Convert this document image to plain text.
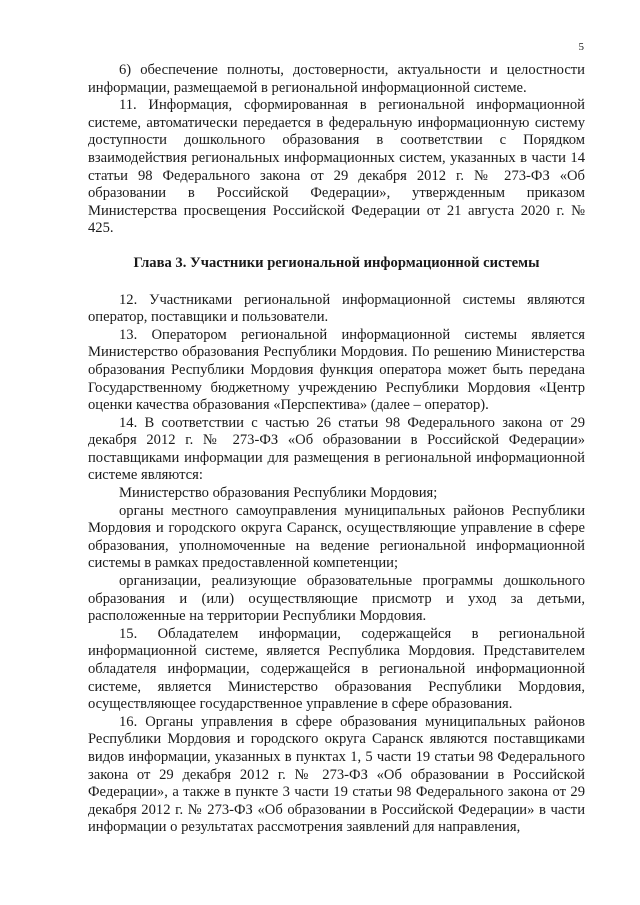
5

6) обеспечение полноты, достоверности, актуальности и целостности информации, размещаемой в региональной информационной системе.

11. Информация, сформированная в региональной информационной системе, автоматически передается в федеральную информационную систему доступности дошкольного образования в соответствии с Порядком взаимодействия региональных информационных систем, указанных в части 14 статьи 98 Федерального закона от 29 декабря 2012 г. № 273-ФЗ «Об образовании в Российской Федерации», утвержденным приказом Министерства просвещения Российской Федерации от 21 августа 2020 г. № 425.

Глава 3. Участники региональной информационной системы

12. Участниками региональной информационной системы являются оператор, поставщики и пользователи.

13. Оператором региональной информационной системы является Министерство образования Республики Мордовия. По решению Министерства образования Республики Мордовия функция оператора может быть передана Государственному бюджетному учреждению Республики Мордовия «Центр оценки качества образования «Перспектива» (далее – оператор).

14. В соответствии с частью 26 статьи 98 Федерального закона от 29 декабря 2012 г. № 273-ФЗ «Об образовании в Российской Федерации» поставщиками информации для размещения в региональной информационной системе являются:

Министерство образования Республики Мордовия;

органы местного самоуправления муниципальных районов Республики Мордовия и городского округа Саранск, осуществляющие управление в сфере образования, уполномоченные на ведение региональной информационной системы в рамках предоставленной компетенции;

организации, реализующие образовательные программы дошкольного образования и (или) осуществляющие присмотр и уход за детьми, расположенные на территории Республики Мордовия.

15. Обладателем информации, содержащейся в региональной информационной системе, является Республика Мордовия. Представителем обладателя информации, содержащейся в региональной информационной системе, является Министерство образования Республики Мордовия, осуществляющее государственное управление в сфере образования.

16. Органы управления в сфере образования муниципальных районов Республики Мордовия и городского округа Саранск являются поставщиками видов информации, указанных в пунктах 1, 5 части 19 статьи 98 Федерального закона от 29 декабря 2012 г. № 273-ФЗ «Об образовании в Российской Федерации», а также в пункте 3 части 19 статьи 98 Федерального закона от 29 декабря 2012 г. № 273-ФЗ «Об образовании в Российской Федерации» в части информации о результатах рассмотрения заявлений для направления,
